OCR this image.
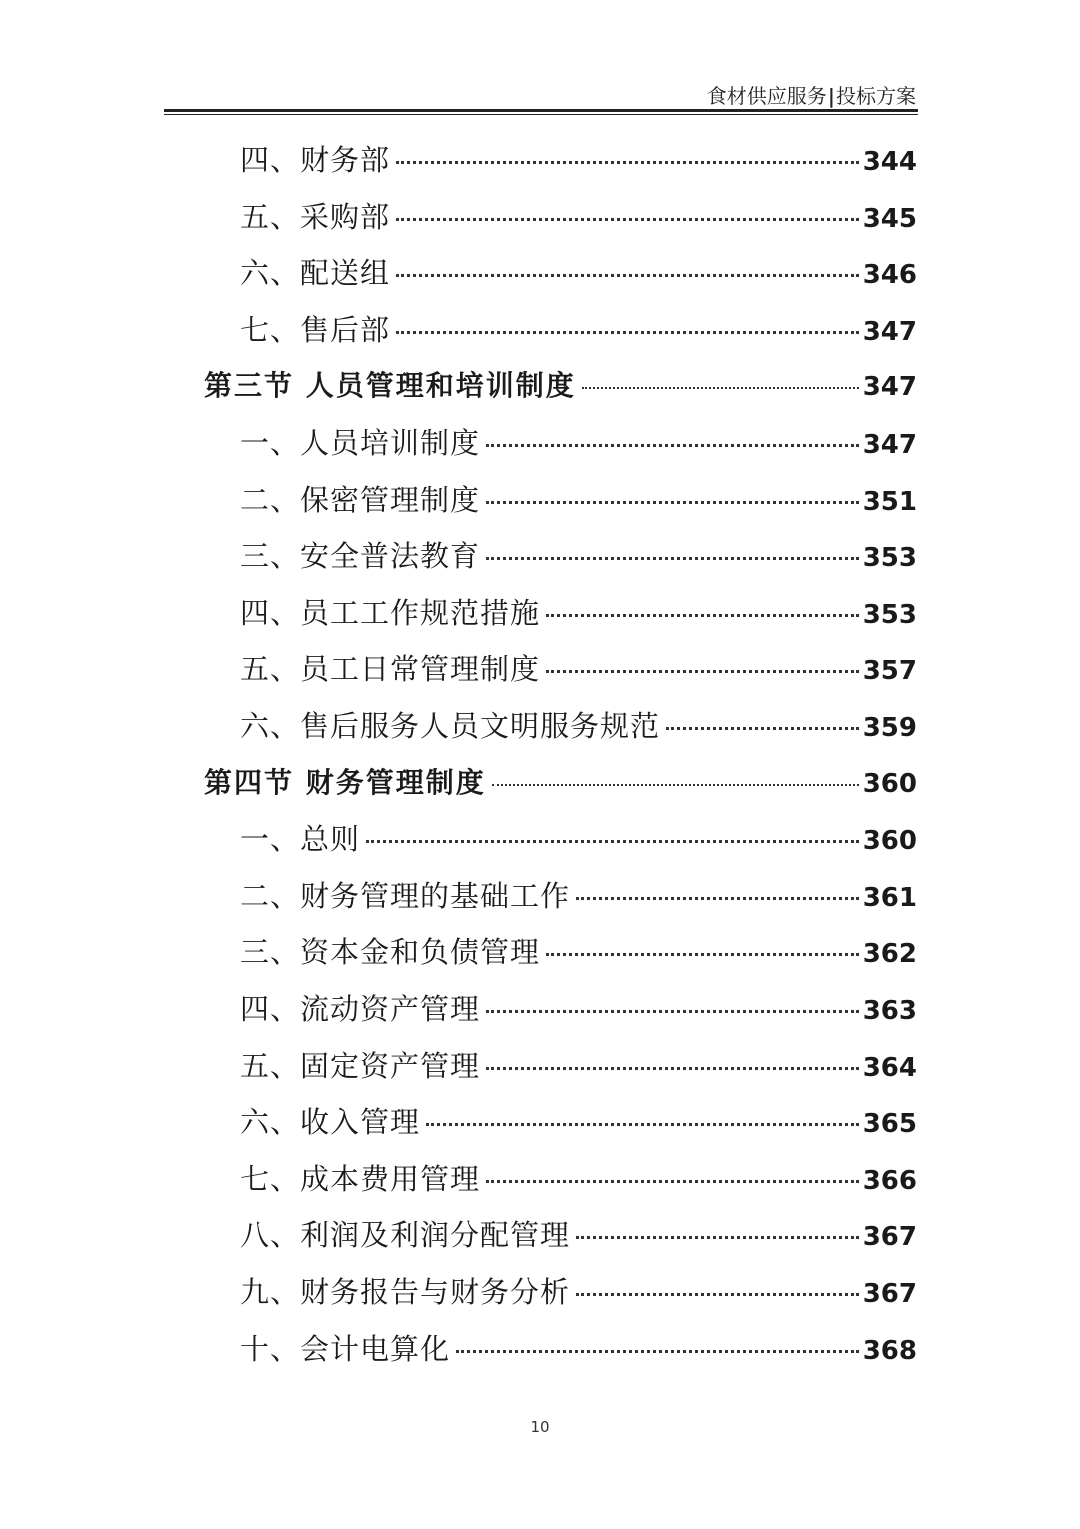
食材供应服务|投标方案
四、财务部	344
五、采购部	345
六、配送组	346
七、售后部	347
第三节 人员管理和培训制度	347
一、人员培训制度	347
二、保密管理制度	351
三、安全普法教育	353
四、员工工作规范措施	353
五、员工日常管理制度	357
六、售后服务人员文明服务规范	359
第四节 财务管理制度	360
一、总则	360
二、财务管理的基础工作	361
三、资本金和负债管理	362
四、流动资产管理	363
五、固定资产管理	364
六、收入管理	365
七、成本费用管理	366
八、利润及利润分配管理	367
九、财务报告与财务分析	367
十、会计电算化	368
10
